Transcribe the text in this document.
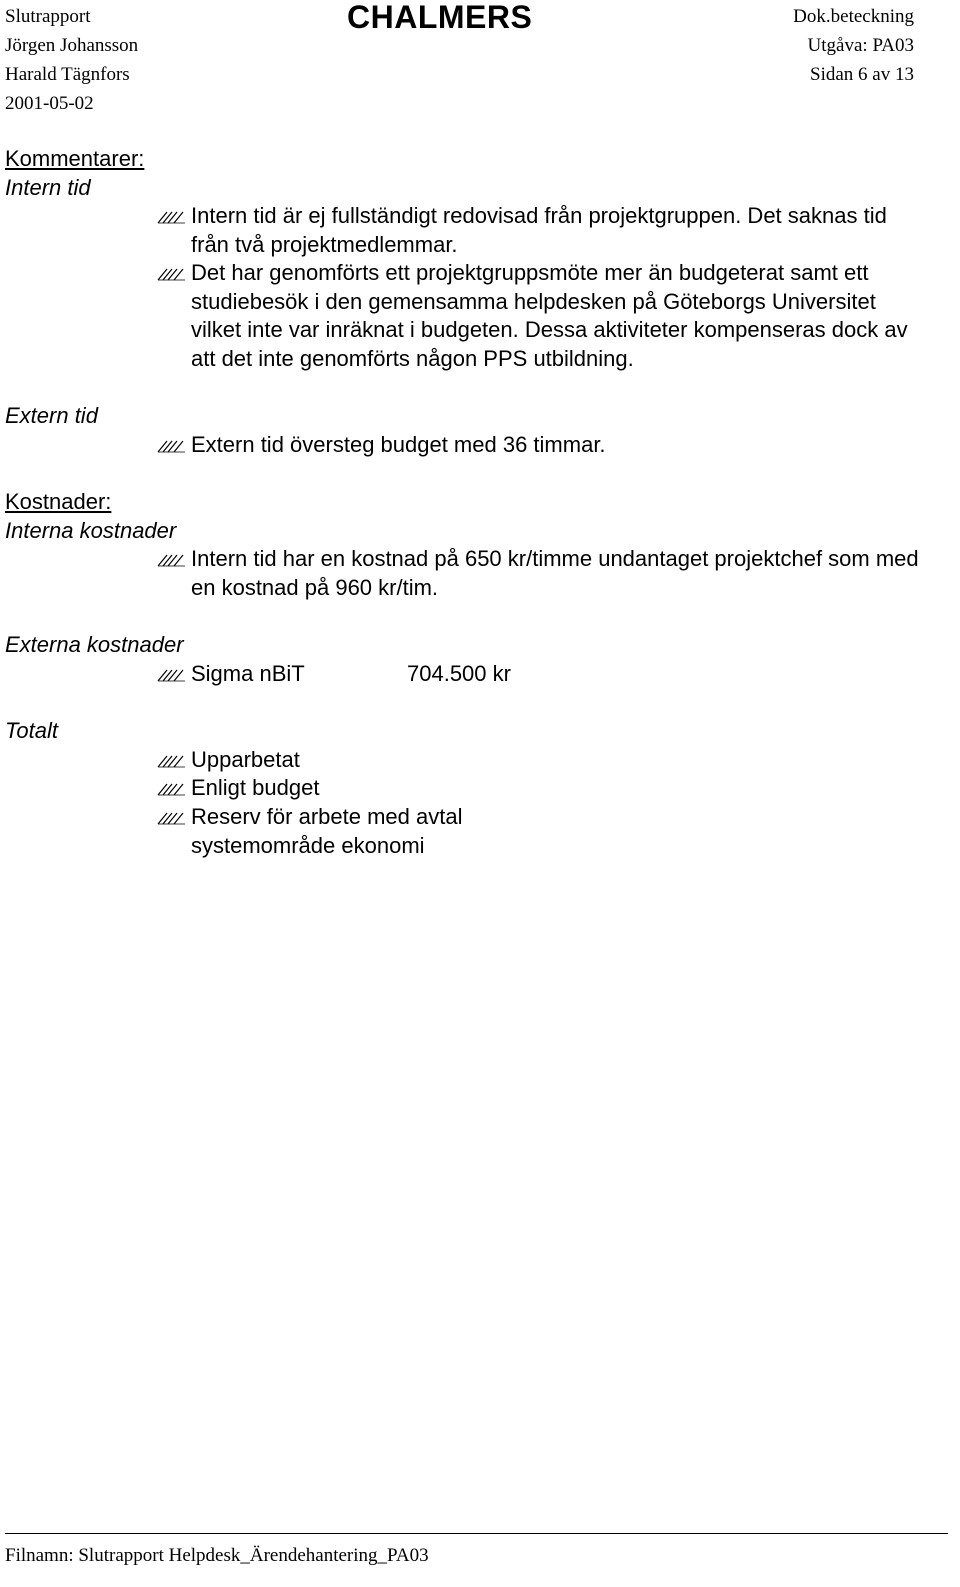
Slutrapport
Jörgen Johansson
Harald Tägnfors
2001-05-02
CHALMERS	Dok.beteckning
Utgåva: PA03
Sidan 6 av 13
Kommentarer:
Intern tid
Intern tid är ej fullständigt redovisad från projektgruppen. Det saknas tid från två projektmedlemmar.
Det har genomförts ett projektgruppsmöte mer än budgeterat samt ett studiebesök i den gemensamma helpdesken på Göteborgs Universitet vilket inte var inräknat i budgeten. Dessa aktiviteter kompenseras dock av att det inte genomförts någon PPS utbildning.
Extern tid
Extern tid översteg budget med 36 timmar.
Kostnader:
Interna kostnader
Intern tid har en kostnad på 650 kr/timme undantaget projektchef som med en kostnad på 960 kr/tim.
Externa kostnader
Sigma nBiT	704.500 kr
Totalt
Upparbetat
Enligt budget
Reserv för arbete med avtal systemområde ekonomi
Filnamn: Slutrapport Helpdesk_Ärendehantering_PA03
